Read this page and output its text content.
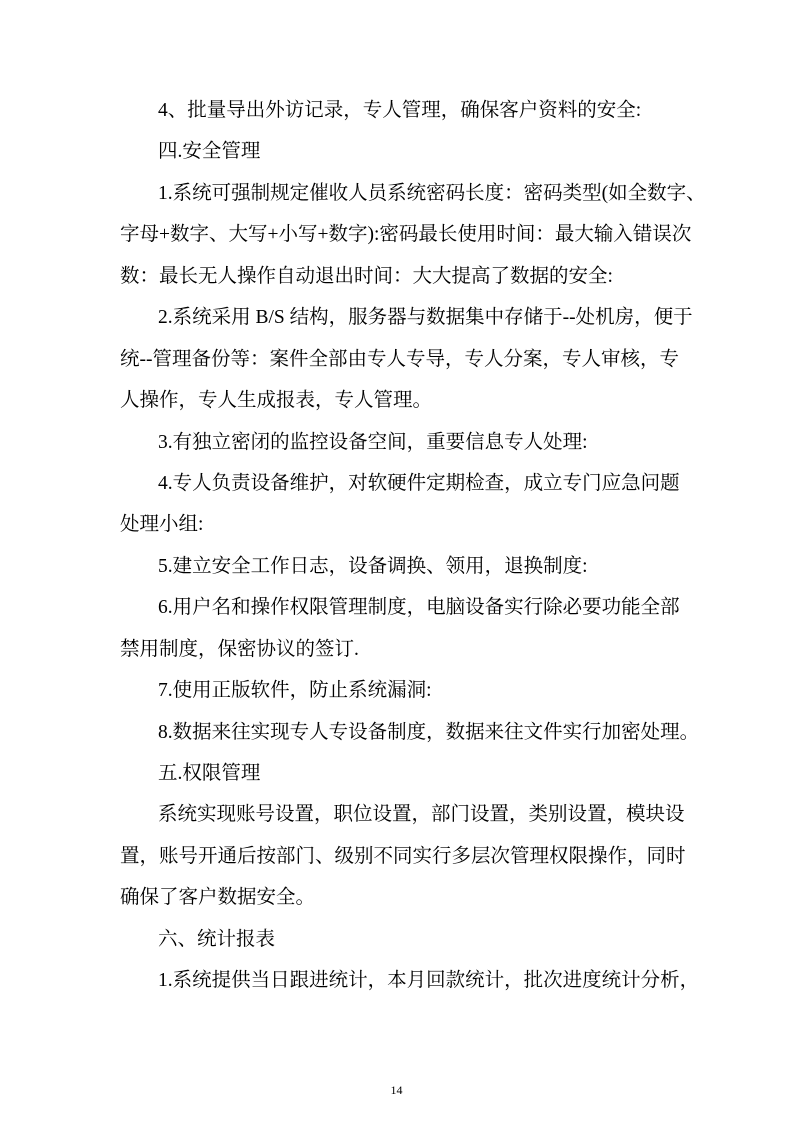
4、批量导出外访记录，专人管理，确保客户资料的安全:
四.安全管理
1.系统可强制规定催收人员系统密码长度：密码类型(如全数字、
字母+数字、大写+小写+数字):密码最长使用时间：最大输入错误次
数：最长无人操作自动退出时间：大大提高了数据的安全:
2.系统采用 B/S 结构，服务器与数据集中存储于--处机房，便于
统--管理备份等：案件全部由专人专导，专人分案，专人审核，专
人操作，专人生成报表，专人管理。
3.有独立密闭的监控设备空间，重要信息专人处理:
4.专人负责设备维护，对软硬件定期检查，成立专门应急问题
处理小组:
5.建立安全工作日志，设备调换、领用，退换制度:
6.用户名和操作权限管理制度，电脑设备实行除必要功能全部
禁用制度，保密协议的签订.
7.使用正版软件，防止系统漏洞:
8.数据来往实现专人专设备制度，数据来往文件实行加密处理。
五.权限管理
系统实现账号设置，职位设置，部门设置，类别设置，模块设
置，账号开通后按部门、级别不同实行多层次管理权限操作，同时
确保了客户数据安全。
六、统计报表
1.系统提供当日跟进统计，本月回款统计，批次进度统计分析，
14
